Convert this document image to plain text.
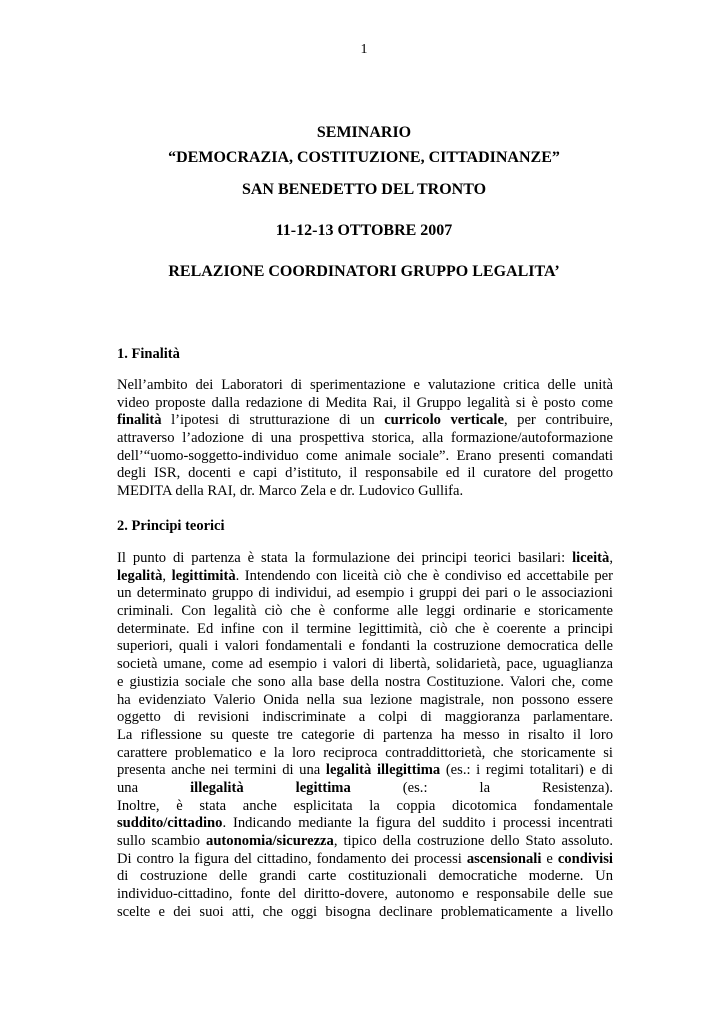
1
SEMINARIO
“DEMOCRAZIA, COSTITUZIONE, CITTADINANZE”
SAN BENEDETTO DEL TRONTO
11-12-13 OTTOBRE 2007
RELAZIONE COORDINATORI GRUPPO LEGALITA’
1. Finalità
Nell’ambito dei Laboratori di sperimentazione e valutazione critica delle unità
video proposte dalla redazione di Medita Rai, il Gruppo legalità si è posto come
finalità l’ipotesi di strutturazione di un curricolo verticale, per contribuire,
attraverso l’adozione di una prospettiva storica, alla formazione/autoformazione
dell’“uomo-soggetto-individuo come animale sociale”. Erano presenti comandati
degli ISR, docenti e capi d’istituto, il responsabile ed il curatore del progetto
MEDITA della RAI, dr. Marco Zela e dr. Ludovico Gullifa.
2. Principi teorici
Il punto di partenza è stata la formulazione dei principi teorici basilari: liceità,
legalità, legittimità. Intendendo con liceità ciò che è condiviso ed accettabile per
un determinato gruppo di individui, ad esempio i gruppi dei pari o le associazioni
criminali. Con legalità ciò che è conforme alle leggi ordinarie e storicamente
determinate. Ed infine con il termine legittimità, ciò che è coerente a principi
superiori, quali i valori fondamentali e fondanti la costruzione democratica delle
società umane, come ad esempio i valori di libertà, solidarietà, pace, uguaglianza
e giustizia sociale che sono alla base della nostra Costituzione. Valori che, come
ha evidenziato Valerio Onida nella sua lezione magistrale, non possono essere
oggetto di revisioni indiscriminate a colpi di maggioranza parlamentare.
La riflessione su queste tre categorie di partenza ha messo in risalto il loro
carattere problematico e la loro reciproca contraddittorietà, che storicamente si
presenta anche nei termini di una legalità illegittima (es.: i regimi totalitari) e di
una illegalità legittima (es.: la Resistenza).
Inoltre, è stata anche esplicitata la coppia dicotomica fondamentale
suddito/cittadino. Indicando mediante la figura del suddito i processi incentrati
sullo scambio autonomia/sicurezza, tipico della costruzione dello Stato assoluto.
Di contro la figura del cittadino, fondamento dei processi ascensionali e condivisi
di costruzione delle grandi carte costituzionali democratiche moderne. Un
individuo-cittadino, fonte del diritto-dovere, autonomo e responsabile delle sue
scelte e dei suoi atti, che oggi bisogna declinare problematicamente a livello
